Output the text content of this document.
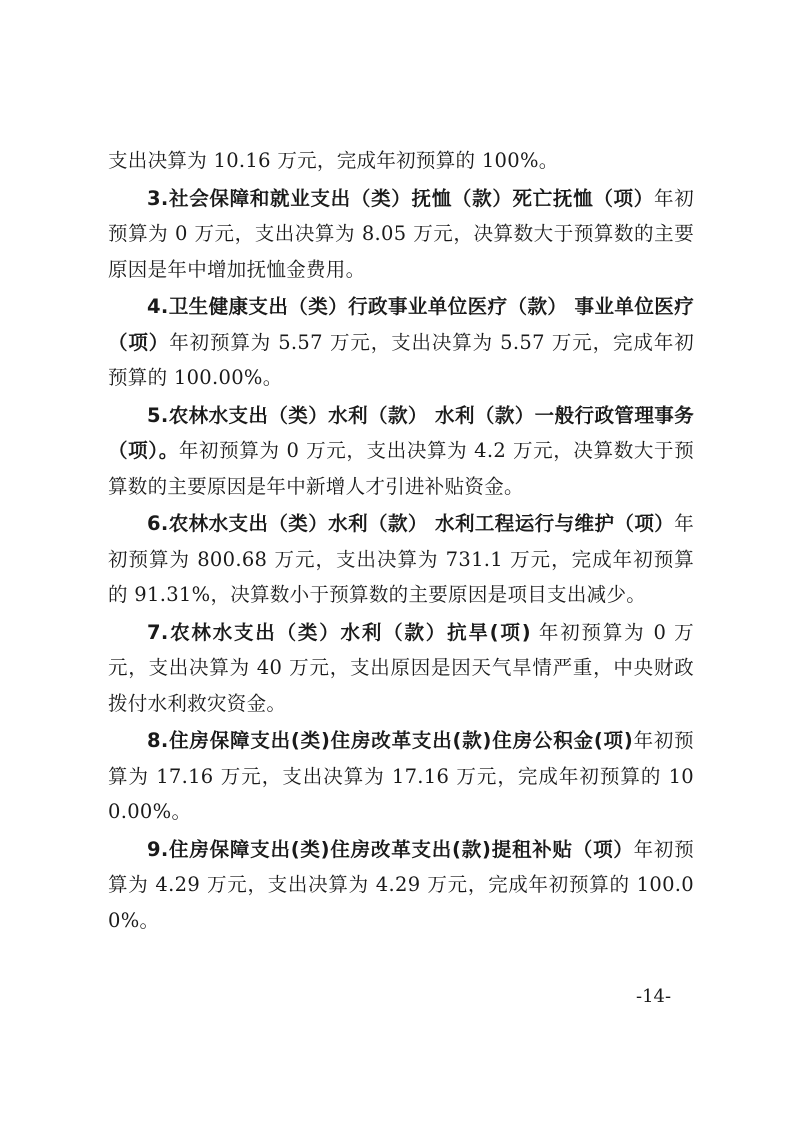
支出决算为 10.16 万元，完成年初预算的 100%。

3.社会保障和就业支出（类）抚恤（款）死亡抚恤（项）年初预算为 0 万元，支出决算为 8.05 万元，决算数大于预算数的主要原因是年中增加抚恤金费用。

4.卫生健康支出（类）行政事业单位医疗（款） 事业单位医疗（项）年初预算为 5.57 万元，支出决算为 5.57 万元，完成年初预算的 100.00%。

5.农林水支出（类）水利（款） 水利（款）一般行政管理事务（项）。年初预算为 0 万元，支出决算为 4.2 万元，决算数大于预算数的主要原因是年中新增人才引进补贴资金。

6.农林水支出（类）水利（款） 水利工程运行与维护（项）年初预算为 800.68 万元，支出决算为 731.1 万元，完成年初预算的 91.31%，决算数小于预算数的主要原因是项目支出减少。

7.农林水支出（类）水利（款）抗旱(项) 年初预算为 0 万元，支出决算为 40 万元，支出原因是因天气旱情严重，中央财政拨付水利救灾资金。

8.住房保障支出(类)住房改革支出(款)住房公积金(项)年初预算为 17.16 万元，支出决算为 17.16 万元，完成年初预算的 100.00%。

9.住房保障支出(类)住房改革支出(款)提租补贴（项）年初预算为 4.29 万元，支出决算为 4.29 万元，完成年初预算的 100.00%。

-14-
